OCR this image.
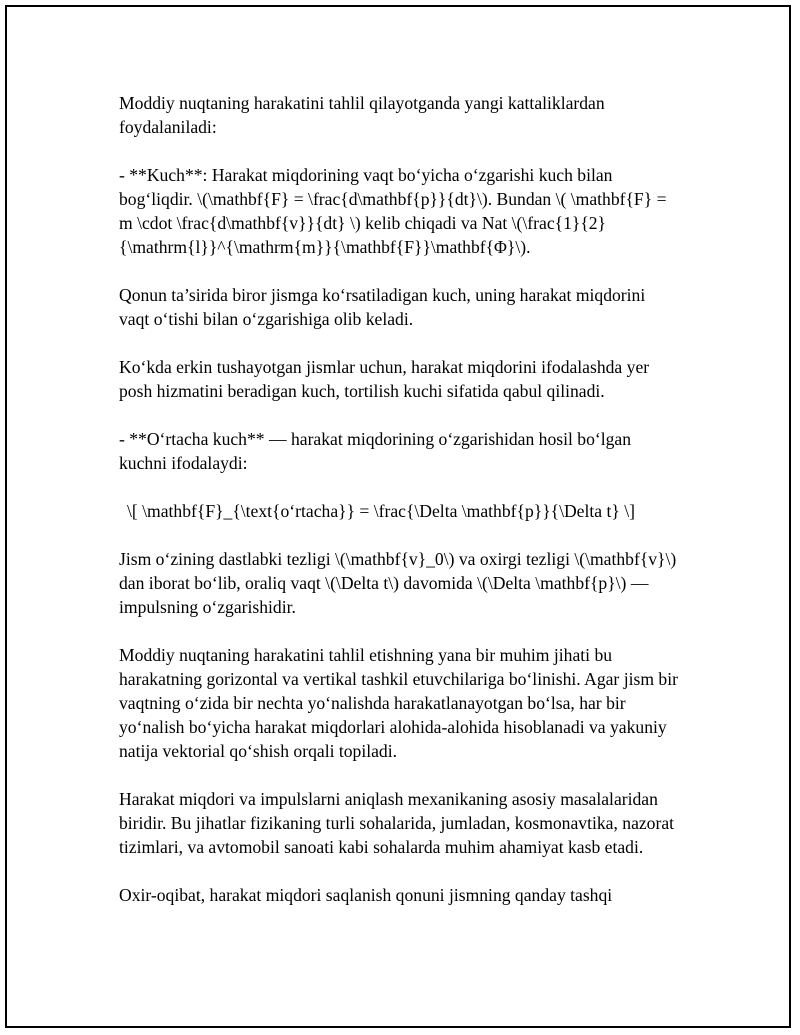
Moddiy nuqtaning harakatini tahlil qilayotganda yangi kattaliklardan foydalaniladi:

- **Kuch**: Harakat miqdorining vaqt bo‘yicha o‘zgarishi kuch bilan bog‘liqdir. \(\mathbf{F} = \frac{d\mathbf{p}}{dt}\). Bundan \( \mathbf{F} = m \cdot \frac{d\mathbf{v}}{dt} \) kelib chiqadi va Nat \(\frac{1}{2}{\mathrm{l}}^{\mathrm{m}}{\mathbf{F}}\mathbf{Φ}\).

Qonun ta’sirida biror jismga ko‘rsatiladigan kuch, uning harakat miqdorini vaqt o‘tishi bilan o‘zgarishiga olib keladi.

Ko‘kda erkin tushayotgan jismlar uchun, harakat miqdorini ifodalashda yer posh hizmatini beradigan kuch, tortilish kuchi sifatida qabul qilinadi.

- **O‘rtacha kuch** — harakat miqdorining o‘zgarishidan hosil bo‘lgan kuchni ifodalaydi:

\[ \mathbf{F}_{\text{o‘rtacha}} = \frac{\Delta \mathbf{p}}{\Delta t} \]

Jism o‘zining dastlabki tezligi \(\mathbf{v}_0\) va oxirgi tezligi \(\mathbf{v}\) dan iborat bo‘lib, oraliq vaqt \(\Delta t\) davomida \(\Delta \mathbf{p}\) — impulsning o‘zgarishidir.

Moddiy nuqtaning harakatini tahlil etishning yana bir muhim jihati bu harakatning gorizontal va vertikal tashkil etuvchilariga bo‘linishi. Agar jism bir vaqtning o‘zida bir nechta yo‘nalishda harakatlanayotgan bo‘lsa, har bir yo‘nalish bo‘yicha harakat miqdorlari alohida-alohida hisoblanadi va yakuniy natija vektorial qo‘shish orqali topiladi.

Harakat miqdori va impulslarni aniqlash mexanikaning asosiy masalalaridan biridir. Bu jihatlar fizikaning turli sohalarida, jumladan, kosmonavtika, nazorat tizimlari, va avtomobil sanoati kabi sohalarda muhim ahamiyat kasb etadi.

Oxir-oqibat, harakat miqdori saqlanish qonuni jismning qanday tashqi
